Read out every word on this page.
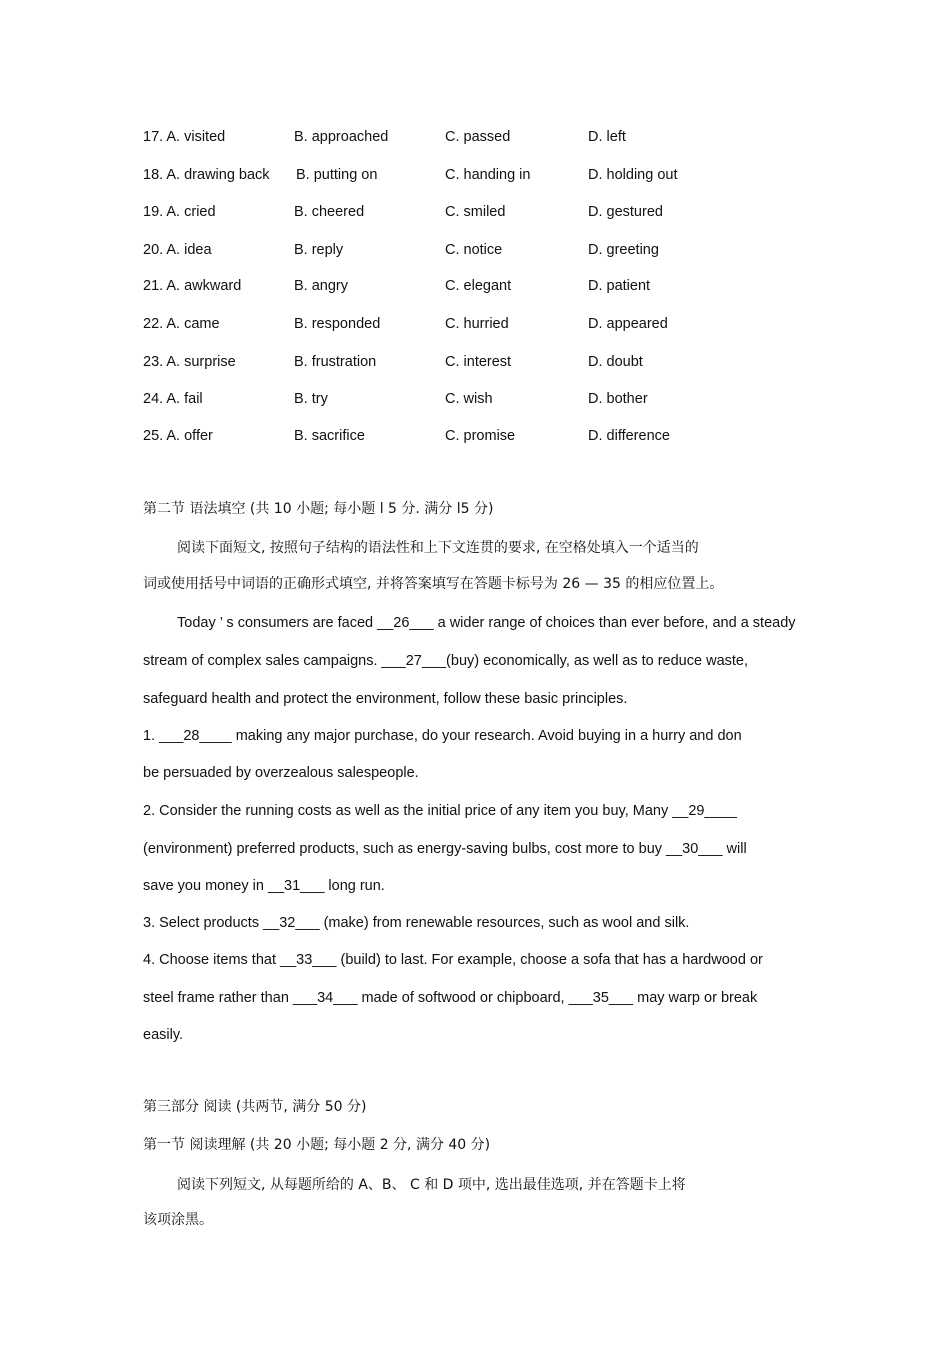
17. A. visited	B. approached	C. passed	D. left
18. A. drawing back B. putting on	C. handing in	D. holding out
19. A. cried	B. cheered	C. smiled	D. gestured
20. A. idea	B. reply	C. notice	D. greeting
21. A. awkward	B. angry	C. elegant	D. patient
22. A. came	B. responded	C. hurried	D. appeared
23. A. surprise	B. frustration	C. interest	D. doubt
24. A. fail	B. try	C. wish	D. bother
25. A. offer	B. sacrifice	C. promise	D. difference
第二节 语法填空 (共 10 小题; 每小题 l 5 分. 满分 l5 分)
阅读下面短文, 按照句子结构的语法性和上下文连贯的要求, 在空格处填入一个适当的
词或使用括号中词语的正确形式填空, 并将答案填写在答题卡标号为 26 — 35 的相应位置上。
Today ’ s consumers are faced __26___ a wider range of choices than ever before, and a steady
stream of complex sales campaigns. ___27___(buy) economically, as well as to reduce waste,
safeguard health and protect the environment, follow these basic principles.
1. ___28____ making any major purchase, do your research. Avoid buying in a hurry and don
be persuaded by overzealous salespeople.
2. Consider the running costs as well as the initial price of any item you buy, Many __29____
(environment) preferred products, such as energy-saving bulbs, cost more to buy __30___ will
save you money in __31___ long run.
3. Select products __32___ (make) from renewable resources, such as wool and silk.
4. Choose items that __33___ (build) to last. For example, choose a sofa that has a hardwood or
steel frame rather than ___34___ made of softwood or chipboard, ___35___ may warp or break
easily.
第三部分 阅读 (共两节, 满分 50 分)
第一节 阅读理解 (共 20 小题; 每小题 2 分, 满分 40 分)
阅读下列短文, 从每题所给的 A、B、 C 和 D 项中, 选出最佳选项, 并在答题卡上将
该项涂黑。
